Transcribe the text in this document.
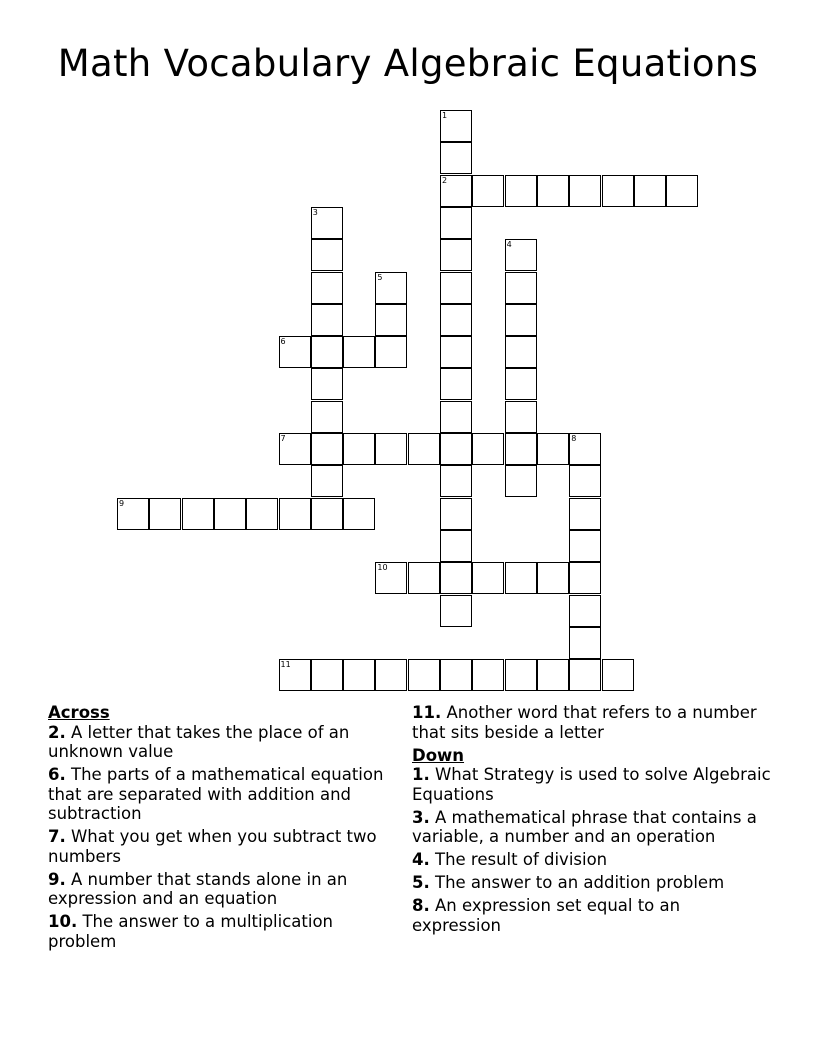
Math Vocabulary Algebraic Equations
1
2
3
4
5
6
7	8
9
10
11
Across
2. A letter that takes the place of an unknown value
6. The parts of a mathematical equation that are separated with addition and subtraction
7. What you get when you subtract two numbers
9. A number that stands alone in an expression and an equation
10. The answer to a multiplication problem
11. Another word that refers to a number that sits beside a letter
Down
1. What Strategy is used to solve Algebraic Equations
3. A mathematical phrase that contains a variable, a number and an operation
4. The result of division
5. The answer to an addition problem
8. An expression set equal to an expression
